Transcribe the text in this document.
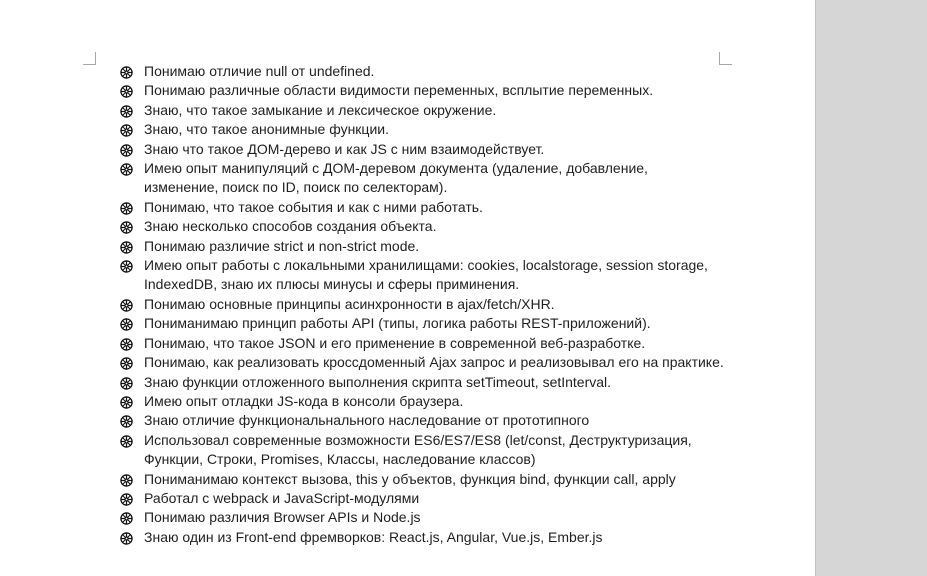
Понимаю отличие null от undefined.
Понимаю различные области видимости переменных, всплытие переменных.
Знаю, что такое замыкание и лексическое окружение.
Знаю, что такое анонимные функции.
Знаю что такое ДОМ-дерево и как JS с ним взаимодействует.
Имею опыт манипуляций с ДОМ-деревом документа (удаление, добавление, изменение, поиск по ID, поиск по селекторам).
Понимаю, что такое события и как с ними работать.
Знаю несколько способов создания объекта.
Понимаю различие strict и non-strict mode.
Имею опыт работы с локальными хранилищами: cookies, localstorage, session storage, IndexedDB, знаю их плюсы минусы и сферы приминения.
Понимаю основные принципы асинхронности в ajax/fetch/XHR.
Пониманимаю принцип работы API (типы, логика работы REST-приложений).
Понимаю, что такое JSON и его применение в современной веб-разработке.
Понимаю, как реализовать кроссдоменный Ajax запрос и реализовывал его на практике.
Знаю функции отложенного выполнения скрипта setTimeout, setInterval.
Имею опыт отладки JS-кода в консоли браузера.
Знаю отличие функциональнального наследование от прототипного
Использовал современные возможности ES6/ES7/ES8 (let/const, Деструктуризация, Функции, Строки, Promises, Классы, наследование классов)
Пониманимаю контекст вызова, this у объектов, функция bind, функции call, apply
Работал с webpack и JavaScript-модулями
Понимаю различия Browser APIs и Node.js
Знаю один из Front-end фремворков: React.js, Angular, Vue.js, Ember.js
